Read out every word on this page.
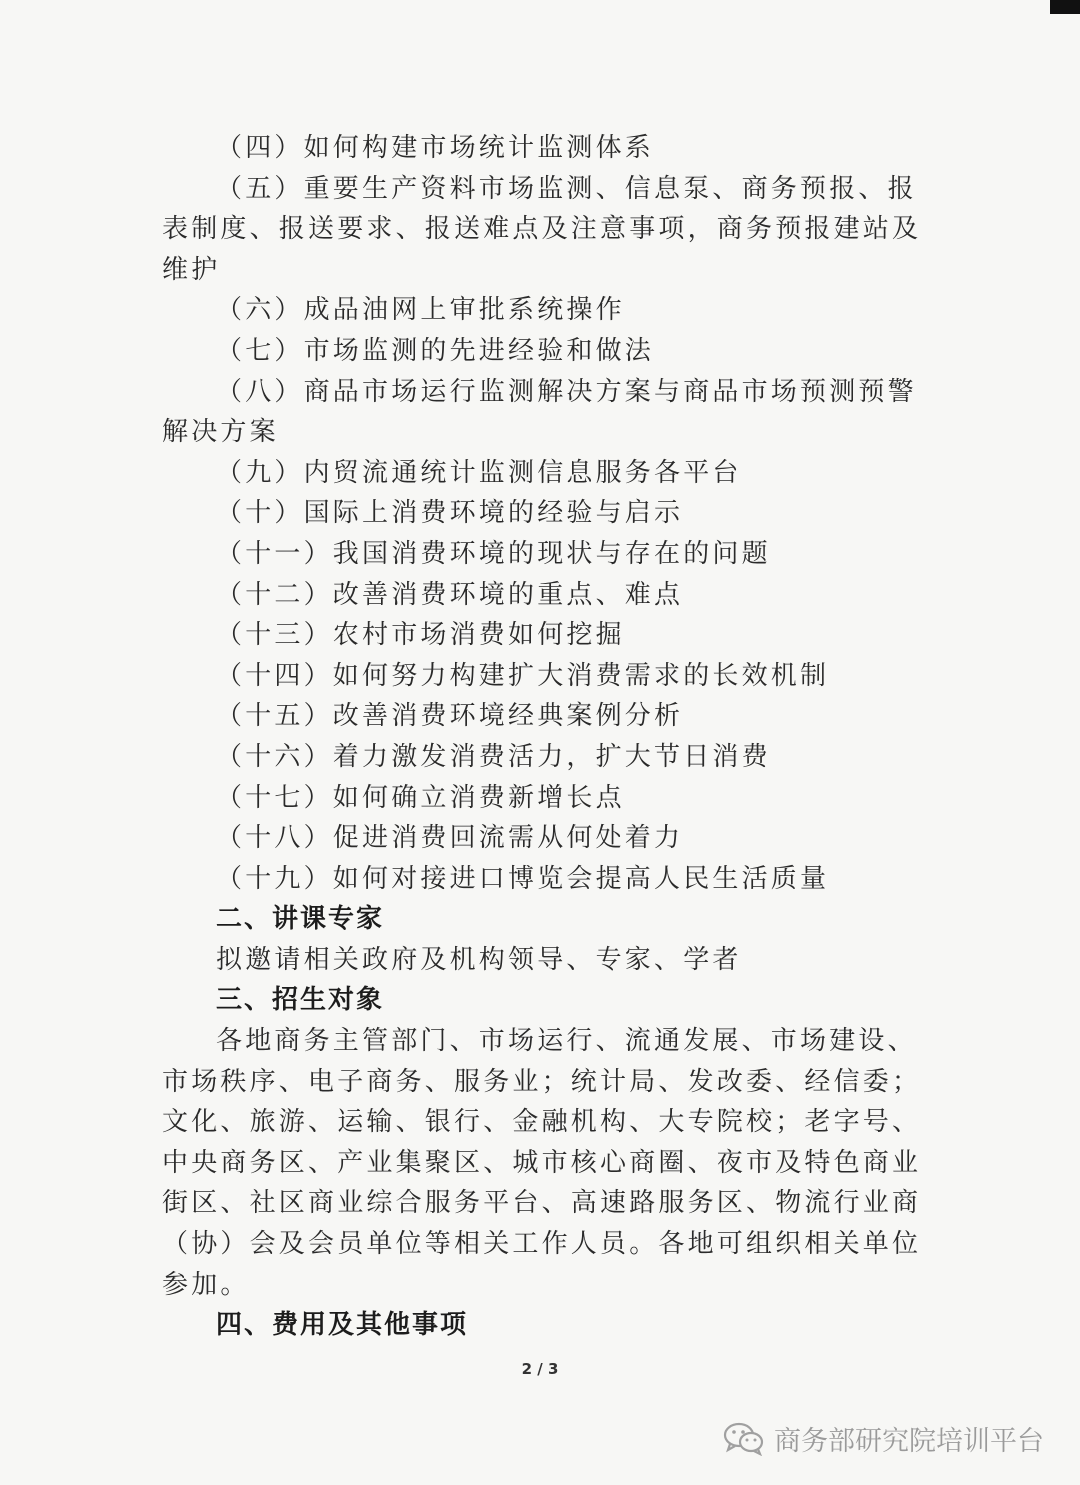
（四）如何构建市场统计监测体系
（五）重要生产资料市场监测、信息泵、商务预报、报
表制度、报送要求、报送难点及注意事项，商务预报建站及
维护
（六）成品油网上审批系统操作
（七）市场监测的先进经验和做法
（八）商品市场运行监测解决方案与商品市场预测预警
解决方案
（九）内贸流通统计监测信息服务各平台
（十）国际上消费环境的经验与启示
（十一）我国消费环境的现状与存在的问题
（十二）改善消费环境的重点、难点
（十三）农村市场消费如何挖掘
（十四）如何努力构建扩大消费需求的长效机制
（十五）改善消费环境经典案例分析
（十六）着力激发消费活力，扩大节日消费
（十七）如何确立消费新增长点
（十八）促进消费回流需从何处着力
（十九）如何对接进口博览会提高人民生活质量
二、讲课专家
拟邀请相关政府及机构领导、专家、学者
三、招生对象
各地商务主管部门、市场运行、流通发展、市场建设、
市场秩序、电子商务、服务业；统计局、发改委、经信委；
文化、旅游、运输、银行、金融机构、大专院校；老字号、
中央商务区、产业集聚区、城市核心商圈、夜市及特色商业
街区、社区商业综合服务平台、高速路服务区、物流行业商
（协）会及会员单位等相关工作人员。各地可组织相关单位
参加。
四、费用及其他事项
2 / 3
商务部研究院培训平台
